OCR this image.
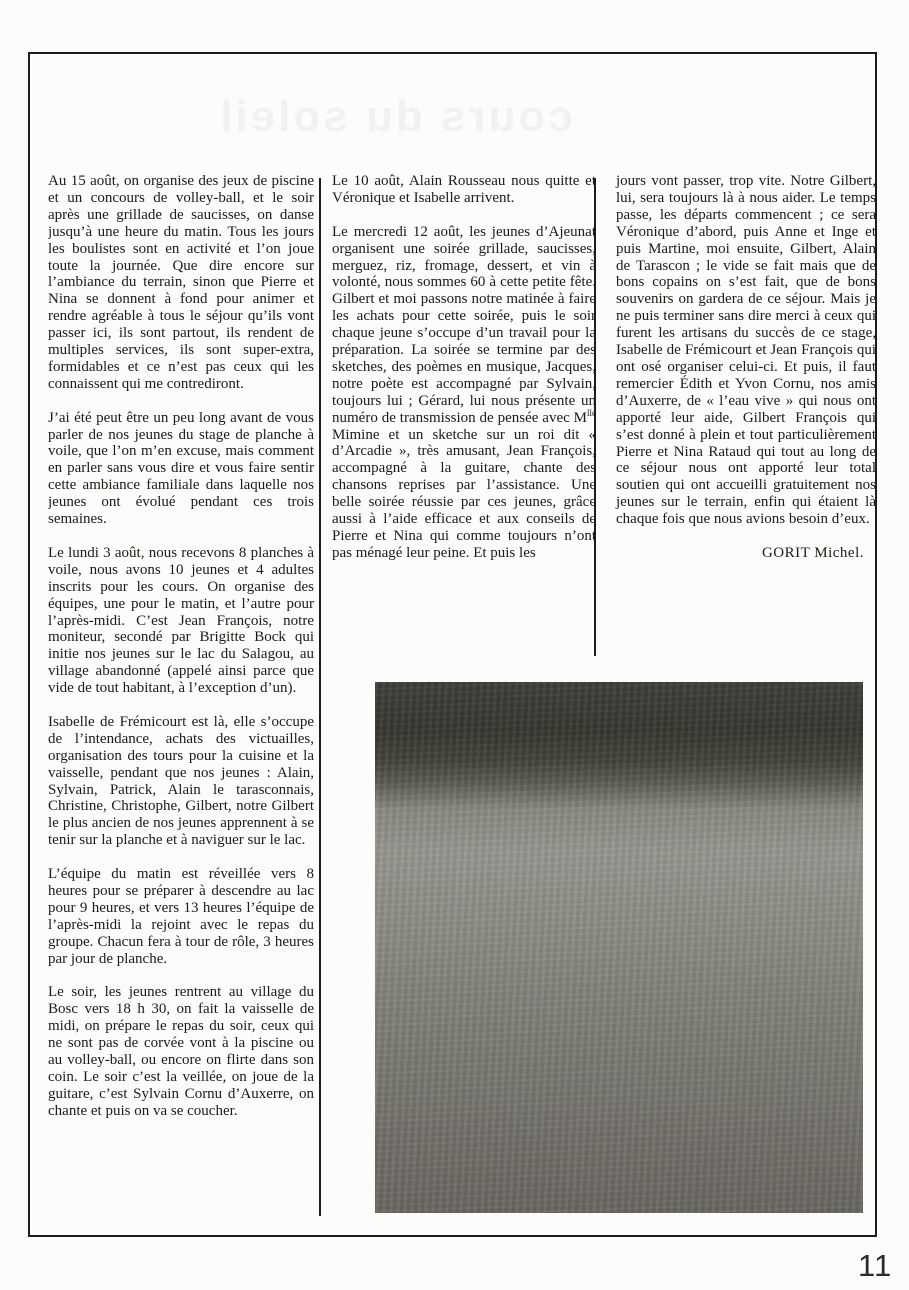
cours du soleil

Au 15 août, on organise des jeux de piscine et un concours de volley-ball, et le soir après une grillade de saucisses, on danse jusqu’à une heure du matin. Tous les jours les boulistes sont en activité et l’on joue toute la journée. Que dire encore sur l’ambiance du terrain, sinon que Pierre et Nina se donnent à fond pour animer et rendre agréable à tous le séjour qu’ils vont passer ici, ils sont partout, ils rendent de multiples services, ils sont super-extra, formidables et ce n’est pas ceux qui les connaissent qui me contrediront.

J’ai été peut être un peu long avant de vous parler de nos jeunes du stage de planche à voile, que l’on m’en excuse, mais comment en parler sans vous dire et vous faire sentir cette ambiance familiale dans laquelle nos jeunes ont évolué pendant ces trois semaines.

Le lundi 3 août, nous recevons 8 planches à voile, nous avons 10 jeunes et 4 adultes inscrits pour les cours. On organise des équipes, une pour le matin, et l’autre pour l’après-midi. C’est Jean François, notre moniteur, secondé par Brigitte Bock qui initie nos jeunes sur le lac du Salagou, au village abandonné (appelé ainsi parce que vide de tout habitant, à l’exception d’un).

Isabelle de Frémicourt est là, elle s’occupe de l’intendance, achats des victuailles, organisation des tours pour la cuisine et la vaisselle, pendant que nos jeunes : Alain, Sylvain, Patrick, Alain le tarasconnais, Christine, Christophe, Gilbert, notre Gilbert le plus ancien de nos jeunes apprennent à se tenir sur la planche et à naviguer sur le lac.

L’équipe du matin est réveillée vers 8 heures pour se préparer à descendre au lac pour 9 heures, et vers 13 heures l’équipe de l’après-midi la rejoint avec le repas du groupe. Chacun fera à tour de rôle, 3 heures par jour de planche.

Le soir, les jeunes rentrent au village du Bosc vers 18 h 30, on fait la vaisselle de midi, on prépare le repas du soir, ceux qui ne sont pas de corvée vont à la piscine ou au volley-ball, ou encore on flirte dans son coin. Le soir c’est la veillée, on joue de la guitare, c’est Sylvain Cornu d’Auxerre, on chante et puis on va se coucher.

Le 10 août, Alain Rousseau nous quitte et Véronique et Isabelle arrivent.

Le mercredi 12 août, les jeunes d’Ajeunat organisent une soirée grillade, saucisses, merguez, riz, fromage, dessert, et vin à volonté, nous sommes 60 à cette petite fête. Gilbert et moi passons notre matinée à faire les achats pour cette soirée, puis le soir chaque jeune s’occupe d’un travail pour la préparation. La soirée se termine par des sketches, des poèmes en musique, Jacques, notre poète est accompagné par Sylvain, toujours lui ; Gérard, lui nous présente un numéro de transmission de pensée avec $M^{lle}$ Mimine et un sketche sur un roi dit « d’Arcadie », très amusant, Jean François, accompagné à la guitare, chante des chansons reprises par l’assistance. Une belle soirée réussie par ces jeunes, grâce aussi à l’aide efficace et aux conseils de Pierre et Nina qui comme toujours n’ont pas ménagé leur peine. Et puis les

jours vont passer, trop vite. Notre Gilbert, lui, sera toujours là à nous aider. Le temps passe, les départs commencent ; ce sera Véronique d’abord, puis Anne et Inge et puis Martine, moi ensuite, Gilbert, Alain de Tarascon ; le vide se fait mais que de bons copains on s’est fait, que de bons souvenirs on gardera de ce séjour. Mais je ne puis terminer sans dire merci à ceux qui furent les artisans du succès de ce stage, Isabelle de Frémicourt et Jean François qui ont osé organiser celui-ci. Et puis, il faut remercier Édith et Yvon Cornu, nos amis d’Auxerre, de « l’eau vive » qui nous ont apporté leur aide, Gilbert François qui s’est donné à plein et tout particulièrement Pierre et Nina Rataud qui tout au long de ce séjour nous ont apporté leur total soutien qui ont accueilli gratuitement nos jeunes sur le terrain, enfin qui étaient là chaque fois que nous avions besoin d’eux.

GORIT Michel.

11
